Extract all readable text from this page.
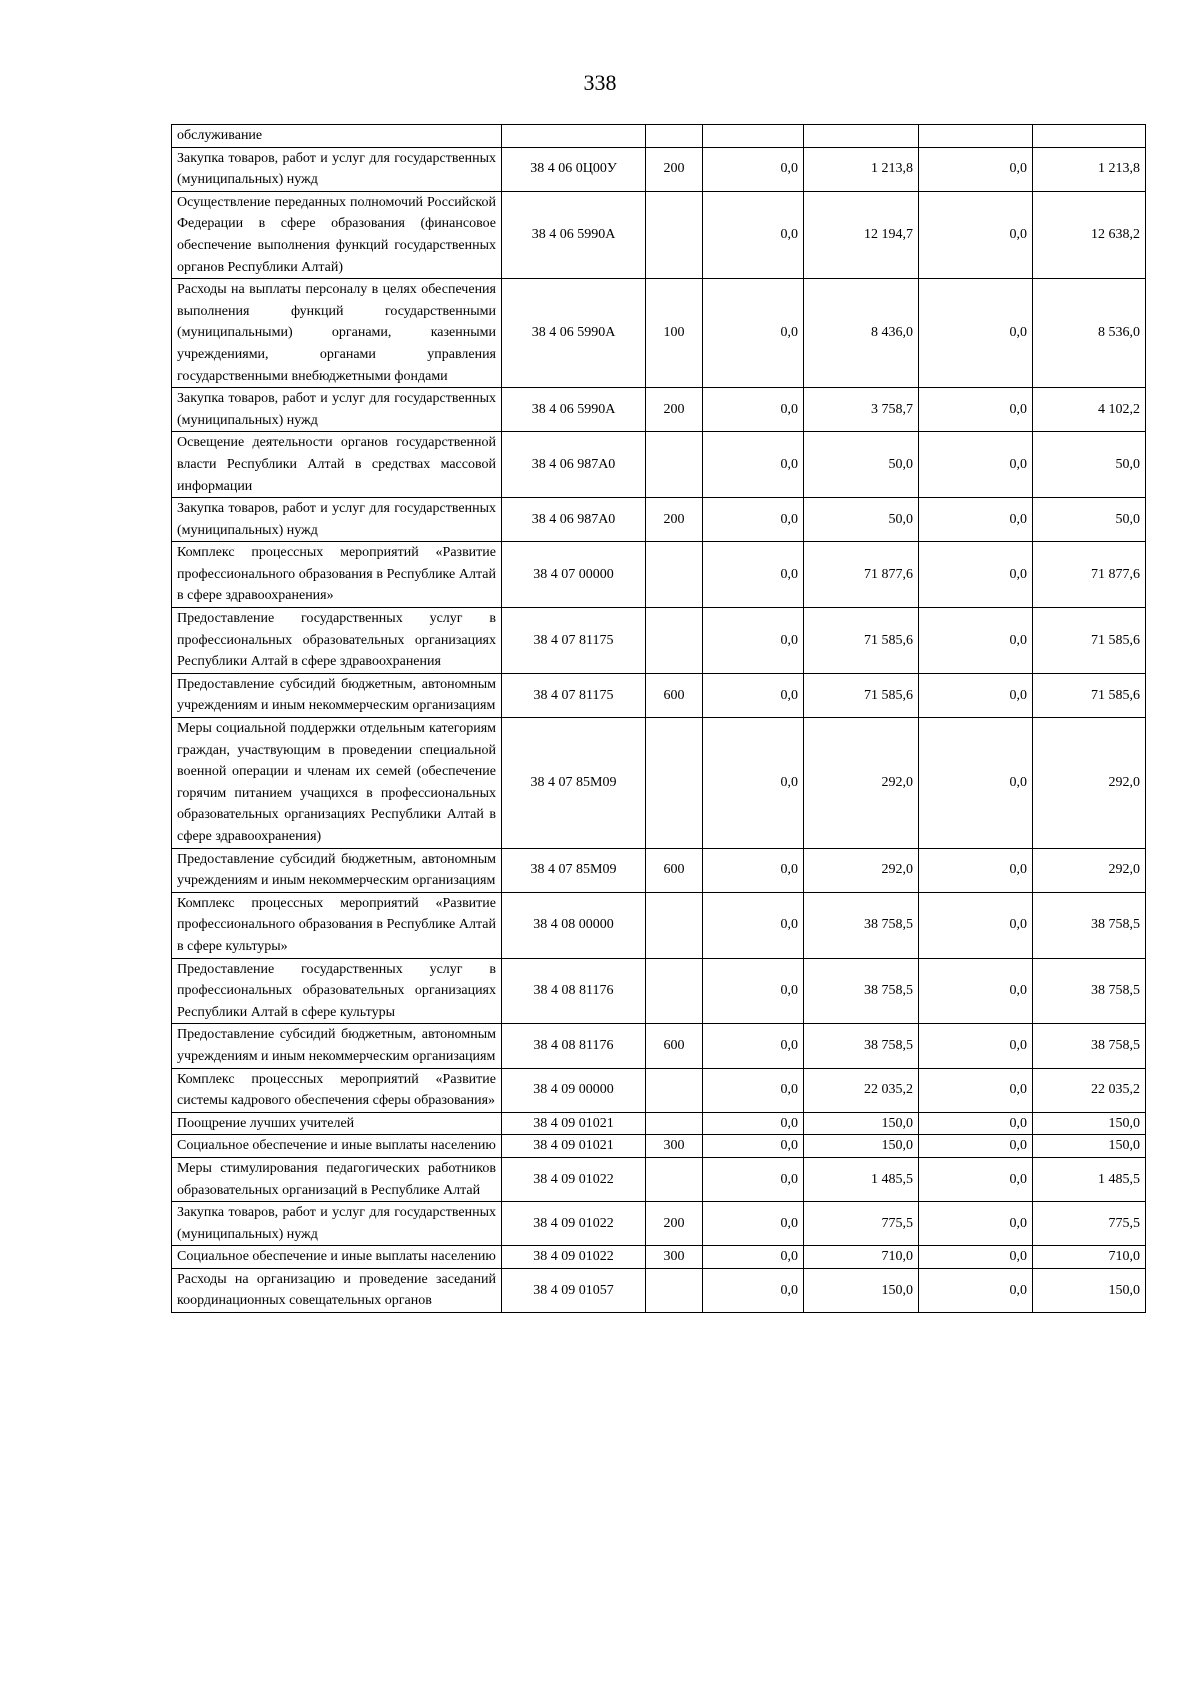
338
обслуживание						
Закупка товаров, работ и услуг для государственных (муниципальных) нужд	38 4 06 0Ц00У	200	0,0	1 213,8	0,0	1 213,8
Осуществление переданных полномочий Российской Федерации в сфере образования (финансовое обеспечение выполнения функций государственных органов Республики Алтай)	38 4 06 5990А		0,0	12 194,7	0,0	12 638,2
Расходы на выплаты персоналу в целях обеспечения выполнения функций государственными (муниципальными) органами, казенными учреждениями, органами управления государственными внебюджетными фондами	38 4 06 5990А	100	0,0	8 436,0	0,0	8 536,0
Закупка товаров, работ и услуг для государственных (муниципальных) нужд	38 4 06 5990А	200	0,0	3 758,7	0,0	4 102,2
Освещение деятельности органов государственной власти Республики Алтай в средствах массовой информации	38 4 06 987А0		0,0	50,0	0,0	50,0
Закупка товаров, работ и услуг для государственных (муниципальных) нужд	38 4 06 987А0	200	0,0	50,0	0,0	50,0
Комплекс процессных мероприятий «Развитие профессионального образования в Республике Алтай в сфере здравоохранения»	38 4 07 00000		0,0	71 877,6	0,0	71 877,6
Предоставление государственных услуг в профессиональных образовательных организациях Республики Алтай в сфере здравоохранения	38 4 07 81175		0,0	71 585,6	0,0	71 585,6
Предоставление субсидий бюджетным, автономным учреждениям и иным некоммерческим организациям	38 4 07 81175	600	0,0	71 585,6	0,0	71 585,6
Меры социальной поддержки отдельным категориям граждан, участвующим в проведении специальной военной операции и членам их семей (обеспечение горячим питанием учащихся в профессиональных образовательных организациях Республики Алтай в сфере здравоохранения)	38 4 07 85М09		0,0	292,0	0,0	292,0
Предоставление субсидий бюджетным, автономным учреждениям и иным некоммерческим организациям	38 4 07 85М09	600	0,0	292,0	0,0	292,0
Комплекс процессных мероприятий «Развитие профессионального образования в Республике Алтай в сфере культуры»	38 4 08 00000		0,0	38 758,5	0,0	38 758,5
Предоставление государственных услуг в профессиональных образовательных организациях Республики Алтай в сфере культуры	38 4 08 81176		0,0	38 758,5	0,0	38 758,5
Предоставление субсидий бюджетным, автономным учреждениям и иным некоммерческим организациям	38 4 08 81176	600	0,0	38 758,5	0,0	38 758,5
Комплекс процессных мероприятий «Развитие системы кадрового обеспечения сферы образования»	38 4 09 00000		0,0	22 035,2	0,0	22 035,2
Поощрение лучших учителей	38 4 09 01021		0,0	150,0	0,0	150,0
Социальное обеспечение и иные выплаты населению	38 4 09 01021	300	0,0	150,0	0,0	150,0
Меры стимулирования педагогических работников образовательных организаций в Республике Алтай	38 4 09 01022		0,0	1 485,5	0,0	1 485,5
Закупка товаров, работ и услуг для государственных (муниципальных) нужд	38 4 09 01022	200	0,0	775,5	0,0	775,5
Социальное обеспечение и иные выплаты населению	38 4 09 01022	300	0,0	710,0	0,0	710,0
Расходы на организацию и проведение заседаний координационных совещательных органов	38 4 09 01057		0,0	150,0	0,0	150,0
